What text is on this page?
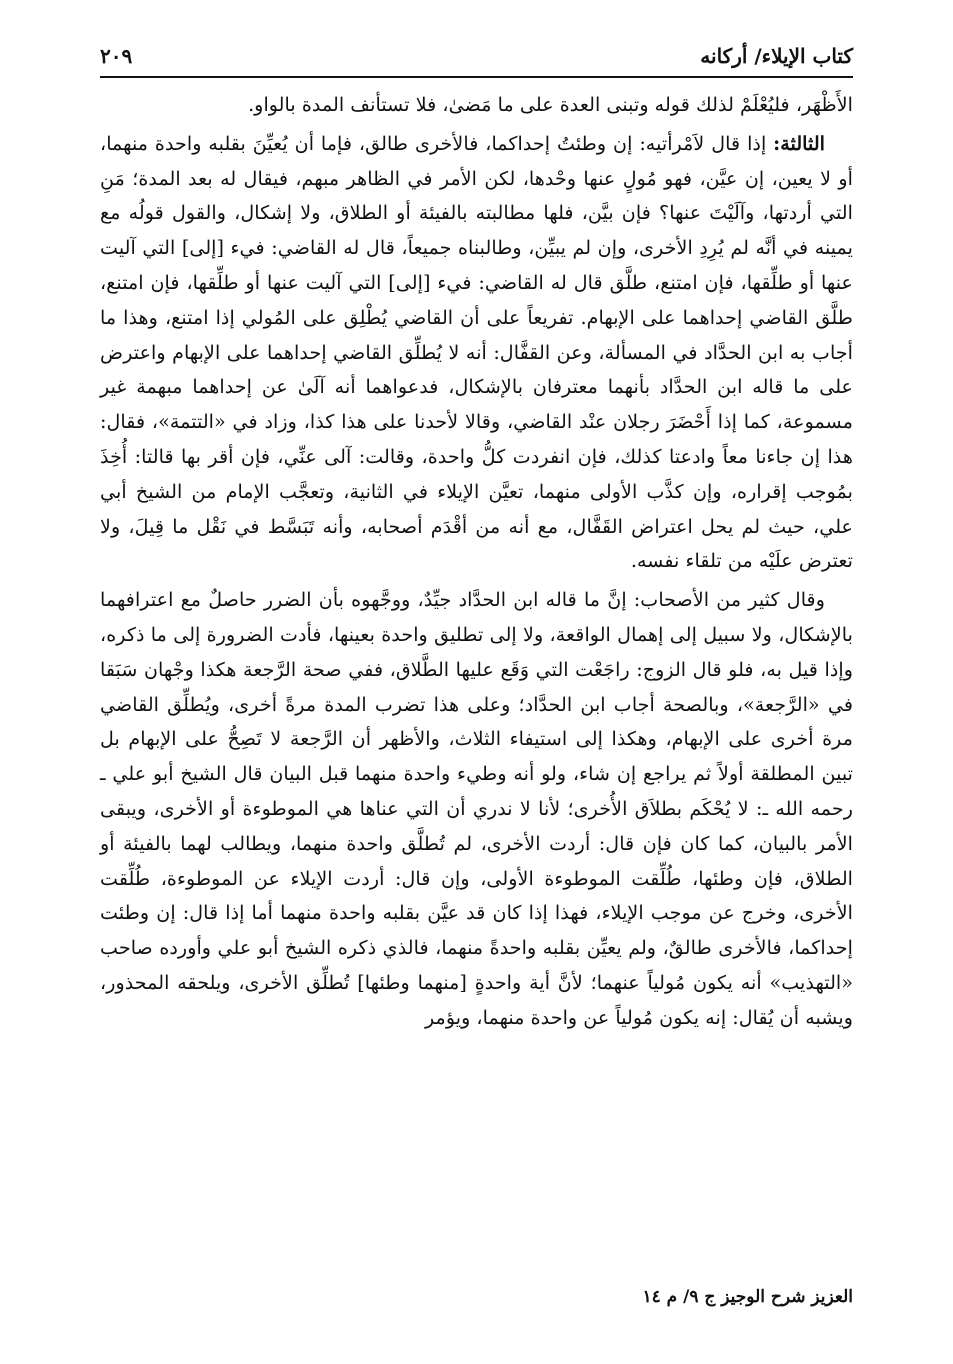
كتاب الإيلاء/ أركانه
٢٠٩

الأَظْهَر، فليُعْلَمْ لذلك قوله وتبنى العدة على ما مَضىٰ، فلا تستأنف المدة بالواو.

الثالثة: إذا قال لاَمْرأتيه: إن وطئتُ إحداكما، فالأخرى طالق، فإما أن يُعيِّنَ بقلبه واحدة منهما، أو لا يعين، إن عيَّن، فهو مُولٍ عنها وحْدها، لكن الأمر في الظاهر مبهم، فيقال له بعد المدة؛ مَنِ التي أردتها، وآلَيْتَ عنها؟ فإن بيَّن، فلها مطالبته بالفيئة أو الطلاق، ولا إشكال، والقول قولُه مع يمينه في أنَّه لم يُرِدِ الأخرى، وإن لم يبيِّن، وطالبناه جميعاً، قال له القاضي: فيء [إلى] التي آليت عنها أو طلِّقها، فإن امتنع، طلَّق قال له القاضي: فيء [إلى] التي آليت عنها أو طلِّقها، فإن امتنع، طلَّق القاضي إحداهما على الإبهام. تفريعاً على أن القاضي يُطْلِق على المُولي إذا امتنع، وهذا ما أجاب به ابن الحدَّاد في المسألة، وعن القفَّال: أنه لا يُطلِّق القاضي إحداهما على الإبهام واعترض على ما قاله ابن الحدَّاد بأنهما معترفان بالإشكال، فدعواهما أنه آلَىٰ عن إحداهما مبهمة غير مسموعة، كما إذا أَحْضَرَ رجلان عنْد القاضي، وقالا لأحدنا على هذا كذا، وزاد في «التتمة»، فقال: هذا إن جاءنا معاً وادعتا كذلك، فإن انفردت كلُّ واحدة، وقالت: آلى عنِّي، فإن أقر بها قالتا: أُخِذَ بمُوجب إقراره، وإن كذَّب الأولى منهما، تعيَّن الإيلاء في الثانية، وتعجَّب الإمام من الشيخ أبي علي، حيث لم يحل اعتراض القَفَّال، مع أنه من أقْدَم أصحابه، وأنه تَبَسَّط في نَقْل ما قِيلَ، ولا تعترض علَيْه من تلقاء نفسه.

وقال كثير من الأصحاب: إنَّ ما قاله ابن الحدَّاد جيِّدٌ، ووجَّهوه بأن الضرر حاصلٌ مع اعترافهما بالإشكال، ولا سبيل إلى إهمال الواقعة، ولا إلى تطليق واحدة بعينها، فأدت الضرورة إلى ما ذكره، وإذا قيل به، فلو قال الزوج: راجَعْت التي وَقَع عليها الطَّلاق، ففي صحة الرَّجعة هكذا وجْهان سَبَقا في «الرَّجعة»، وبالصحة أجاب ابن الحدَّاد؛ وعلى هذا تضرب المدة مرةً أخرى، ويُطلِّق القاضي مرة أخرى على الإبهام، وهكذا إلى استيفاء الثلاث، والأظهر أن الرَّجعة لا تَصِحُّ على الإبهام بل تبين المطلقة أولاً ثم يراجع إن شاء، ولو أنه وطيء واحدة منهما قبل البيان قال الشيخ أبو علي ـ رحمه الله ـ: لا يُحْكَم بطلاَق الأُخرى؛ لأنا لا ندري أن التي عناها هي الموطوءة أو الأخرى، ويبقى الأمر بالبيان، كما كان فإن قال: أردت الأخرى، لم تُطلَّق واحدة منهما، ويطالب لهما بالفيئة أو الطلاق، فإن وطئها، طُلِّقت الموطوءة الأولى، وإن قال: أردت الإيلاء عن الموطوءة، طُلِّقت الأخرى، وخرج عن موجب الإيلاء، فهذا إذا كان قد عيَّن بقلبه واحدة منهما أما إذا قال: إن وطئت إحداكما، فالأخرى طالقٌ، ولم يعيِّن بقلبه واحدةً منهما، فالذي ذكره الشيخ أبو علي وأورده صاحب «التهذيب» أنه يكون مُولياً عنهما؛ لأنَّ أية واحدةٍ [منهما وطئها] تُطلِّق الأخرى، ويلحقه المحذور، ويشبه أن يُقال: إنه يكون مُولياً عن واحدة منهما، ويؤمر

العزيز شرح الوجيز ج ٩/ م ١٤
